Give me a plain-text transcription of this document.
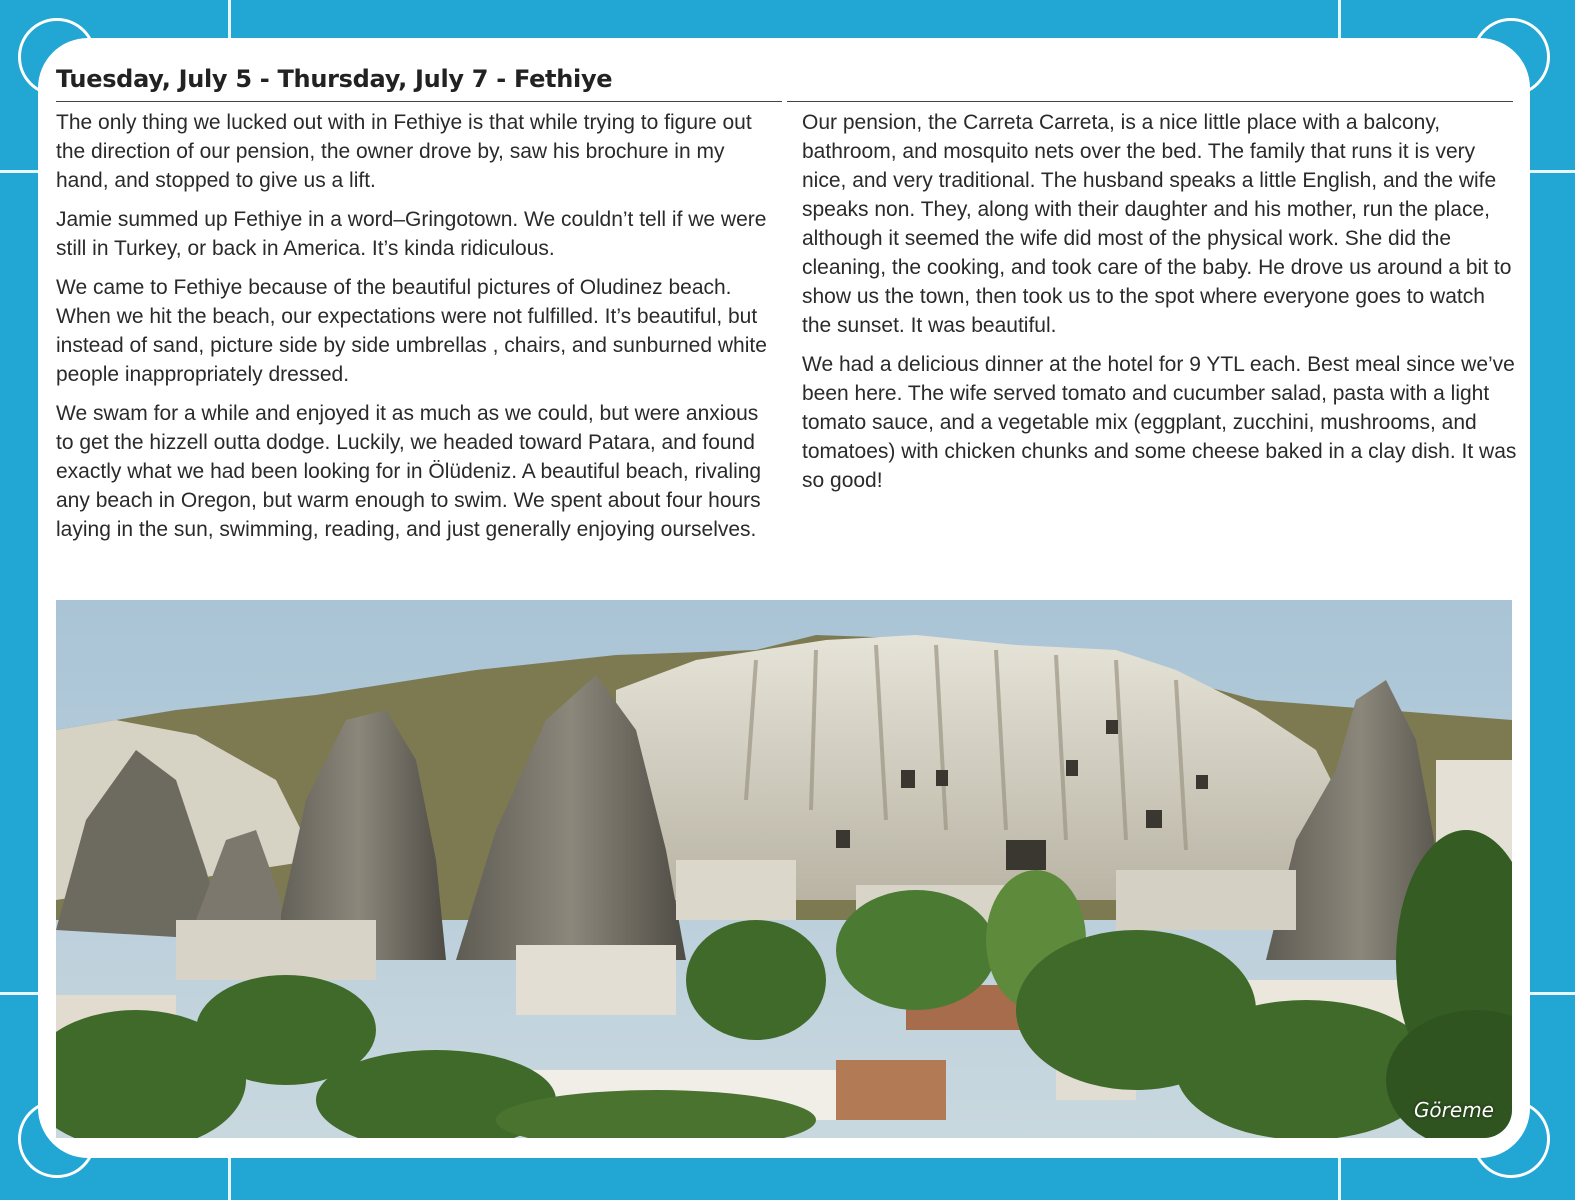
Tuesday, July 5 - Thursday, July 7 - Fethiye

The only thing we lucked out with in Fethiye is that while trying to figure out the direction of our pension, the owner drove by, saw his brochure in my hand, and stopped to give us a lift.

Jamie summed up Fethiye in a word–Gringotown. We couldn’t tell if we were still in Turkey, or back in America. It’s kinda ridiculous.

We came to Fethiye because of the beautiful pictures of Oludinez beach. When we hit the beach, our expectations were not fulfilled. It’s beautiful, but instead of sand, picture side by side umbrellas , chairs, and sunburned white people inappropriately dressed.

We swam for a while and enjoyed it as much as we could, but were anxious to get the hizzell outta dodge. Luckily, we headed toward Patara, and found exactly what we had been looking for in Ölüdeniz. A beautiful beach, rivaling any beach in Oregon, but warm enough to swim. We spent about four hours laying in the sun, swimming, reading, and just generally enjoying ourselves.

Our pension, the Carreta Carreta, is a nice little place with a balcony, bathroom, and mosquito nets over the bed. The family that runs it is very nice, and very traditional. The husband speaks a little English, and the wife speaks non. They, along with their daughter and his mother, run the place, although it seemed the wife did most of the physical work. She did the cleaning, the cooking, and took care of the baby. He drove us around a bit to show us the town, then took us to the spot where everyone goes to watch the sunset. It was beautiful.

We had a delicious dinner at the hotel for 9 YTL each. Best meal since we’ve been here. The wife served tomato and cucumber salad, pasta with a light tomato sauce, and a vegetable mix (eggplant, zucchini, mushrooms, and tomatoes) with chicken chunks and some cheese baked in a clay dish. It was so good!

Göreme
